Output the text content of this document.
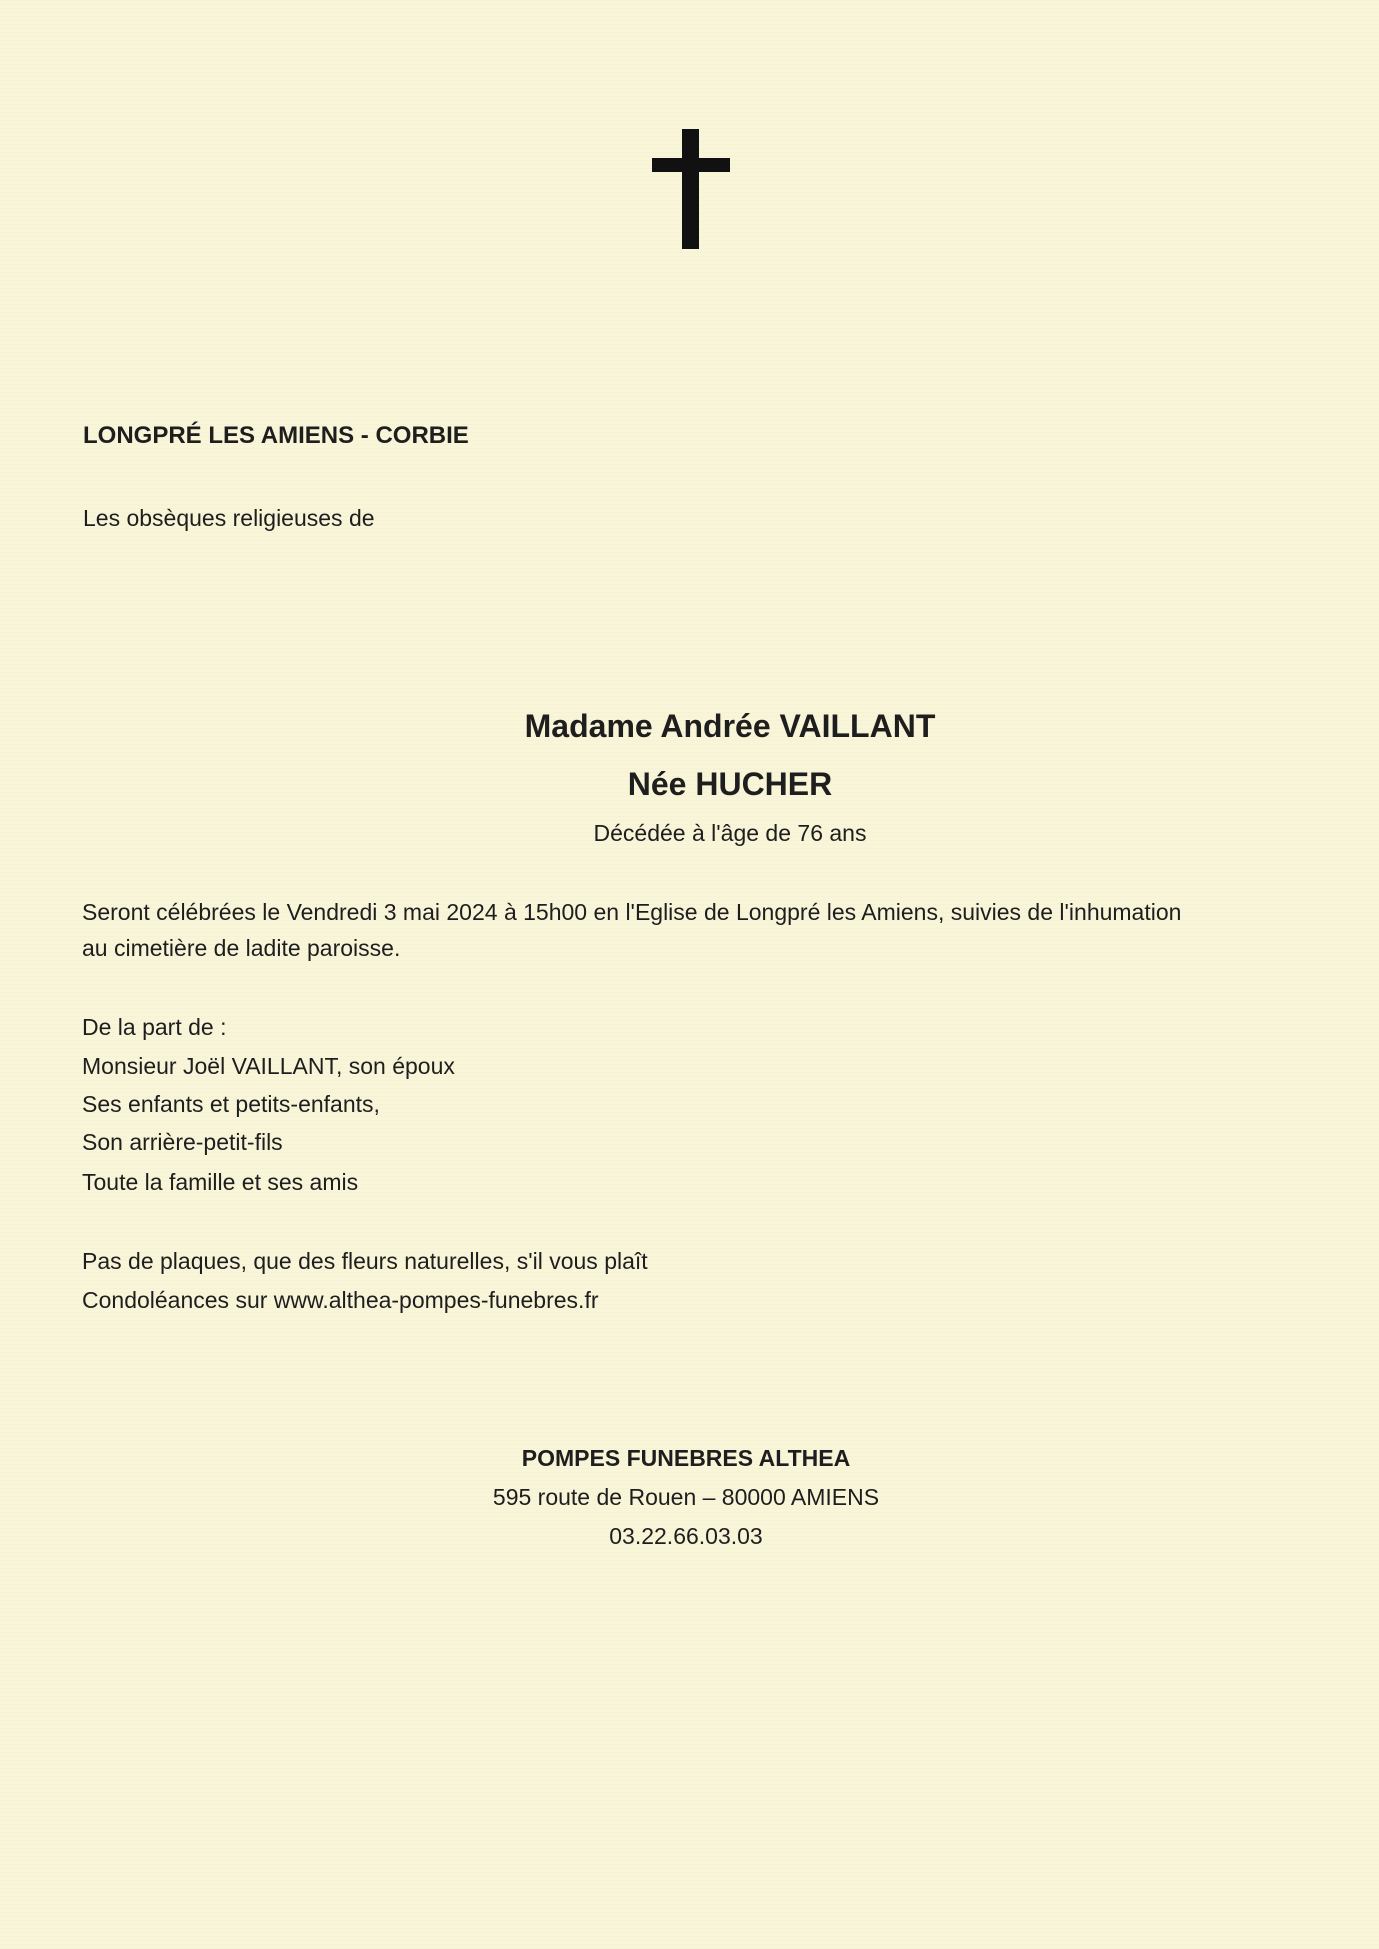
LONGPRÉ LES AMIENS - CORBIE
Les obsèques religieuses de
Madame Andrée VAILLANT
Née HUCHER
Décédée à l'âge de 76 ans
Seront célébrées le Vendredi 3 mai 2024 à 15h00 en l'Eglise de Longpré les Amiens, suivies de l'inhumation
au cimetière de ladite paroisse.
De la part de :
Monsieur Joël VAILLANT, son époux
Ses enfants et petits-enfants,
Son arrière-petit-fils
Toute la famille et ses amis
Pas de plaques, que des fleurs naturelles, s'il vous plaît
Condoléances sur www.althea-pompes-funebres.fr
POMPES FUNEBRES ALTHEA
595 route de Rouen – 80000 AMIENS
03.22.66.03.03
